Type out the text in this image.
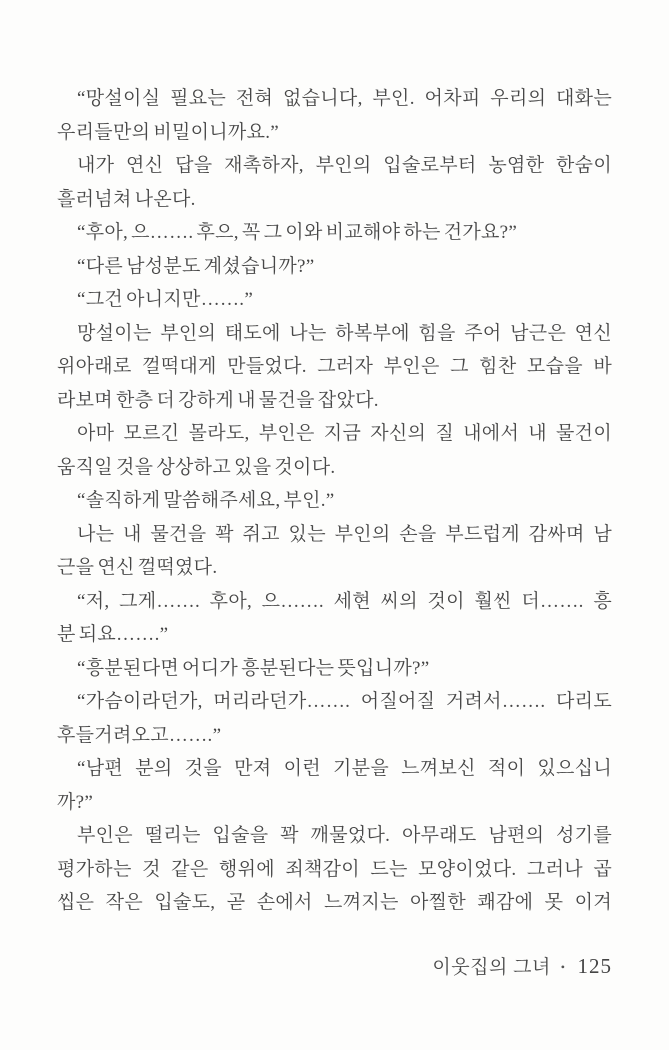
“망설이실 필요는 전혀 없습니다, 부인. 어차피 우리의 대화는
우리들만의 비밀이니까요.”
내가 연신 답을 재촉하자, 부인의 입술로부터 농염한 한숨이
흘러넘쳐 나온다.
“후아, 으……. 후으, 꼭 그 이와 비교해야 하는 건가요?”
“다른 남성분도 계셨습니까?”
“그건 아니지만…….”
망설이는 부인의 태도에 나는 하복부에 힘을 주어 남근은 연신
위아래로 껄떡대게 만들었다. 그러자 부인은 그 힘찬 모습을 바
라보며 한층 더 강하게 내 물건을 잡았다.
아마 모르긴 몰라도, 부인은 지금 자신의 질 내에서 내 물건이
움직일 것을 상상하고 있을 것이다.
“솔직하게 말씀해주세요, 부인.”
나는 내 물건을 꽉 쥐고 있는 부인의 손을 부드럽게 감싸며 남
근을 연신 껄떡였다.
“저, 그게……. 후아, 으……. 세현 씨의 것이 훨씬 더……. 흥
분 되요…….”
“흥분된다면 어디가 흥분된다는 뜻입니까?”
“가슴이라던가, 머리라던가……. 어질어질 거려서……. 다리도
후들거려오고…….”
“남편 분의 것을 만져 이런 기분을 느껴보신 적이 있으십니
까?”
부인은 떨리는 입술을 꽉 깨물었다. 아무래도 남편의 성기를
평가하는 것 같은 행위에 죄책감이 드는 모양이었다. 그러나 곱
씹은 작은 입술도, 곧 손에서 느껴지는 아찔한 쾌감에 못 이겨
이웃집의 그녀 • 125
